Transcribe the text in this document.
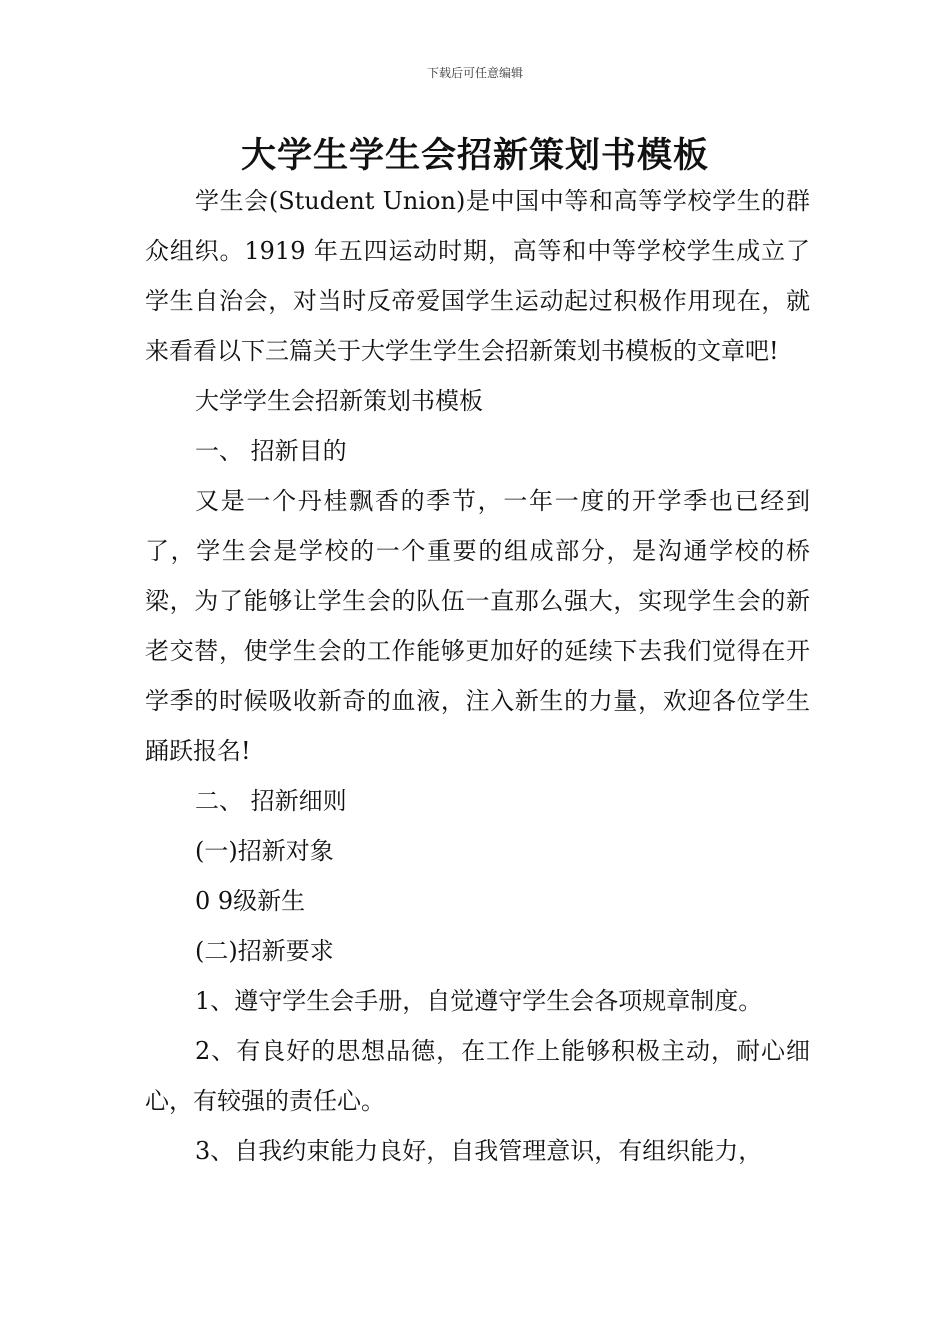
下载后可任意编辑
大学生学生会招新策划书模板

学生会(Student Union)是中国中等和高等学校学生的群众组织。1919 年五四运动时期，高等和中等学校学生成立了学生自治会，对当时反帝爱国学生运动起过积极作用现在，就来看看以下三篇关于大学生学生会招新策划书模板的文章吧!

大学学生会招新策划书模板

一、 招新目的

又是一个丹桂飘香的季节，一年一度的开学季也已经到了，学生会是学校的一个重要的组成部分，是沟通学校的桥梁，为了能够让学生会的队伍一直那么强大，实现学生会的新老交替，使学生会的工作能够更加好的延续下去我们觉得在开学季的时候吸收新奇的血液，注入新生的力量，欢迎各位学生踊跃报名!

二、 招新细则

(一)招新对象

0 9级新生

(二)招新要求

1、遵守学生会手册，自觉遵守学生会各项规章制度。

2、有良好的思想品德，在工作上能够积极主动，耐心细心，有较强的责任心。

3、自我约束能力良好，自我管理意识，有组织能力，
